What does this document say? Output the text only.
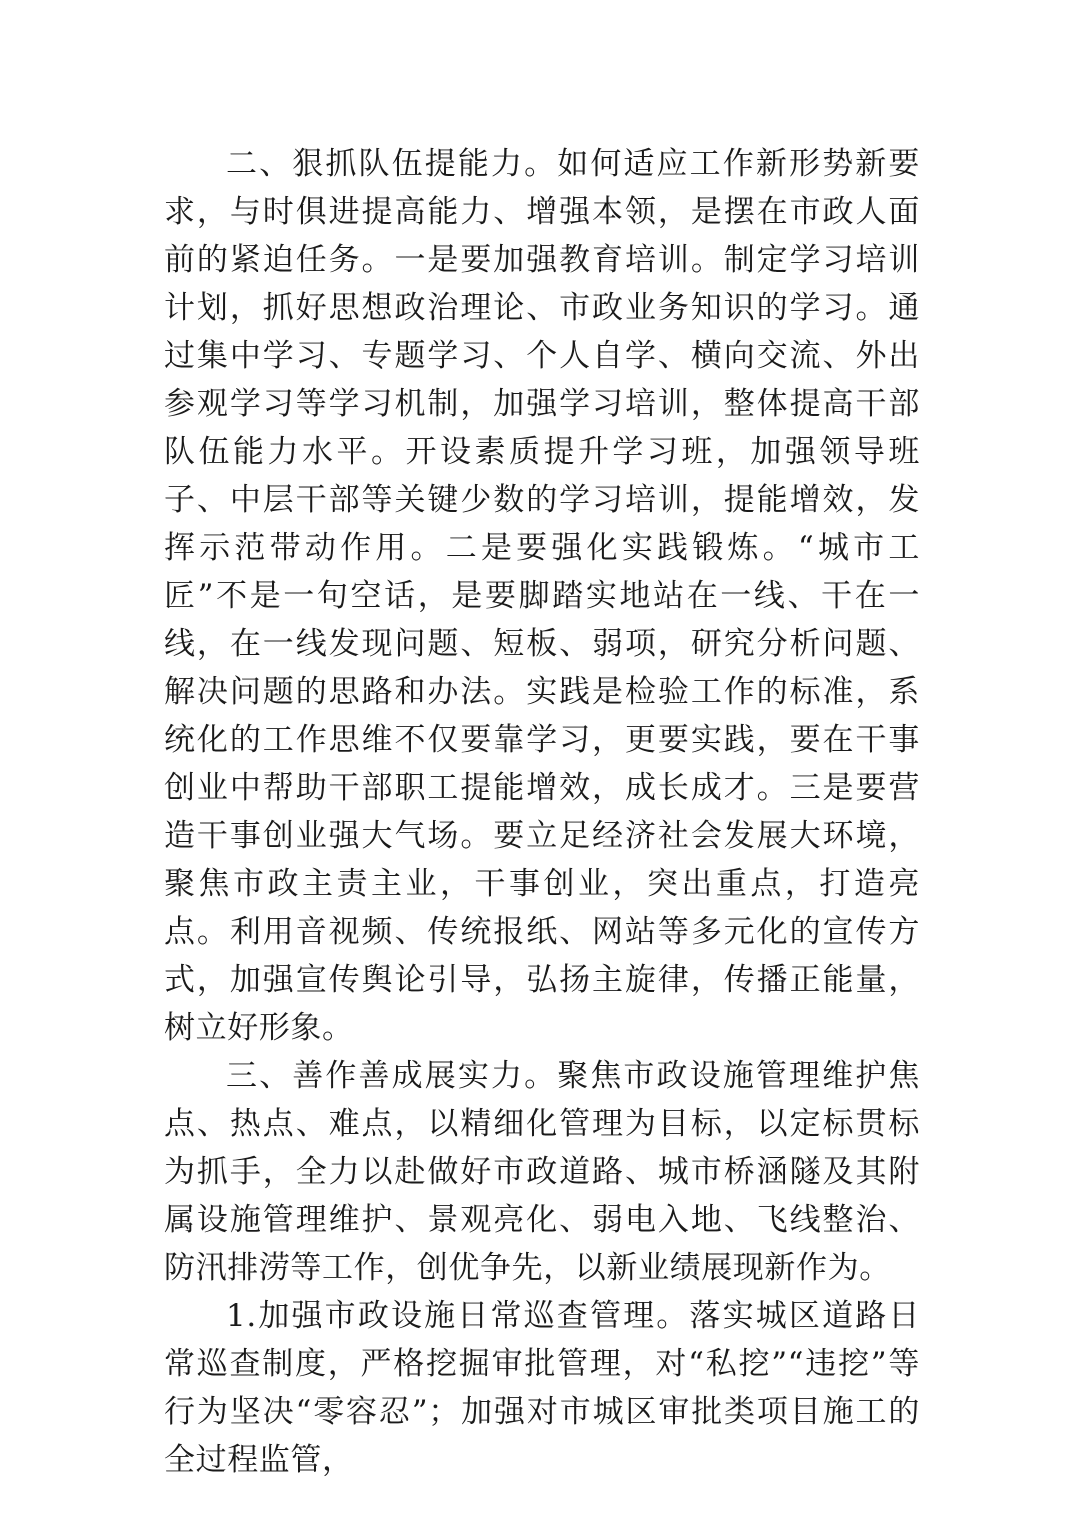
二、狠抓队伍提能力。如何适应工作新形势新要求，与时俱进提高能力、增强本领，是摆在市政人面前的紧迫任务。一是要加强教育培训。制定学习培训计划，抓好思想政治理论、市政业务知识的学习。通过集中学习、专题学习、个人自学、横向交流、外出参观学习等学习机制，加强学习培训，整体提高干部队伍能力水平。开设素质提升学习班，加强领导班子、中层干部等关键少数的学习培训，提能增效，发挥示范带动作用。二是要强化实践锻炼。“城市工匠”不是一句空话，是要脚踏实地站在一线、干在一线，在一线发现问题、短板、弱项，研究分析问题、解决问题的思路和办法。实践是检验工作的标准，系统化的工作思维不仅要靠学习，更要实践，要在干事创业中帮助干部职工提能增效，成长成才。三是要营造干事创业强大气场。要立足经济社会发展大环境，聚焦市政主责主业，干事创业，突出重点，打造亮点。利用音视频、传统报纸、网站等多元化的宣传方式，加强宣传舆论引导，弘扬主旋律，传播正能量，树立好形象。

三、善作善成展实力。聚焦市政设施管理维护焦点、热点、难点，以精细化管理为目标，以定标贯标为抓手，全力以赴做好市政道路、城市桥涵隧及其附属设施管理维护、景观亮化、弱电入地、飞线整治、防汛排涝等工作，创优争先，以新业绩展现新作为。

1.加强市政设施日常巡查管理。落实城区道路日常巡查制度，严格挖掘审批管理，对“私挖”“违挖”等行为坚决“零容忍”；加强对市城区审批类项目施工的全过程监管，
